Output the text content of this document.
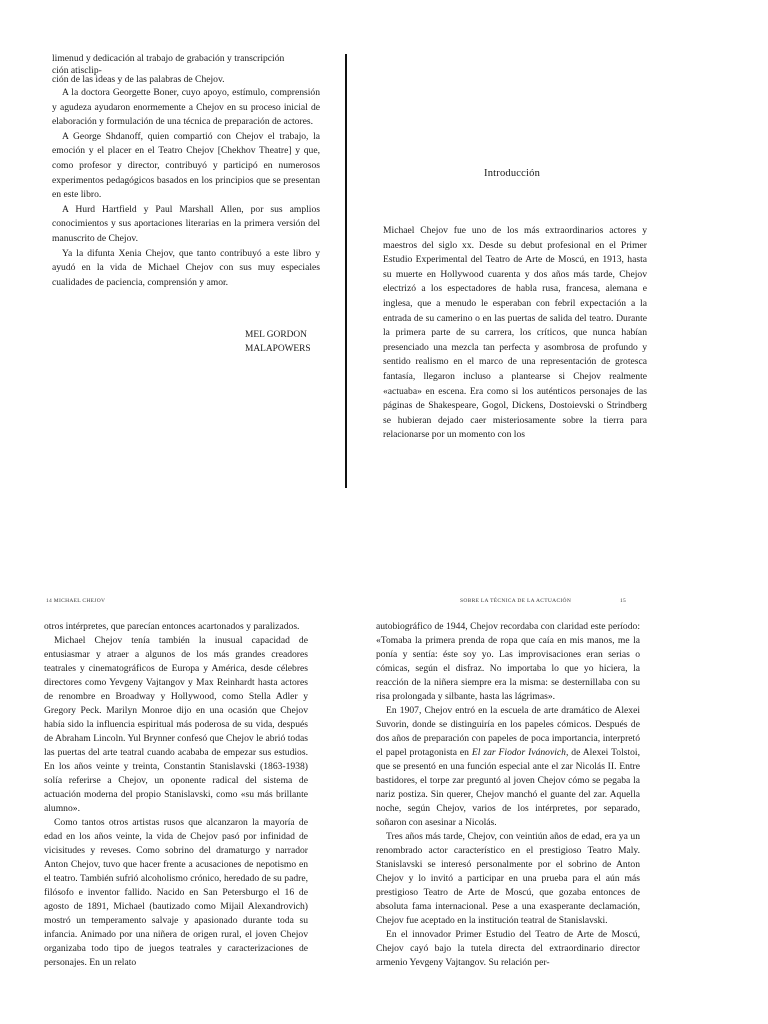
limenud y dedicación al trabajo de grabación y transcripción

ción atisclip-
ción de las ideas y de las palabras de Chejov.

A la doctora Georgette Boner, cuyo apoyo, estímulo, comprensión y agudeza ayudaron enormemente a Chejov en su proceso inicial de elaboración y formulación de una técnica de preparación de actores.

A George Shdanoff, quien compartió con Chejov el trabajo, la emoción y el placer en el Teatro Chejov [Chekhov Theatre] y que, como profesor y director, contribuyó y participó en numerosos experimentos pedagógicos basados en los principios que se presentan en este libro.

A Hurd Hartfield y Paul Marshall Allen, por sus amplios conocimientos y sus aportaciones literarias en la primera versión del manuscrito de Chejov.

Ya la difunta Xenia Chejov, que tanto contribuyó a este libro y ayudó en la vida de Michael Chejov con sus muy especiales cualidades de paciencia, comprensión y amor.

MEL GORDON
MALAPOWERS
Introducción

Michael Chejov fue uno de los más extraordinarios actores y maestros del siglo xx. Desde su debut profesional en el Primer Estudio Experimental del Teatro de Arte de Moscú, en 1913, hasta su muerte en Hollywood cuarenta y dos años más tarde, Chejov electrizó a los espectadores de habla rusa, francesa, alemana e inglesa, que a menudo le esperaban con febril expectación a la entrada de su camerino o en las puertas de salida del teatro. Durante la primera parte de su carrera, los críticos, que nunca habían presenciado una mezcla tan perfecta y asombrosa de profundo y sentido realismo en el marco de una representación de grotesca fantasía, llegaron incluso a plantearse si Chejov realmente «actuaba» en escena. Era como si los auténticos personajes de las páginas de Shakespeare, Gogol, Dickens, Dostoievski o Strindberg se hubieran dejado caer misteriosamente sobre la tierra para relacionarse por un momento con los

14 MICHAEL CHEJOV

otros intérpretes, que parecían entonces acartonados y paralizados.

Michael Chejov tenía también la inusual capacidad de entusiasmar y atraer a algunos de los más grandes creadores teatrales y cinematográficos de Europa y América, desde célebres directores como Yevgeny Vajtangov y Max Reinhardt hasta actores de renombre en Broadway y Hollywood, como Stella Adler y Gregory Peck. Marilyn Monroe dijo en una ocasión que Chejov había sido la influencia espiritual más poderosa de su vida, después de Abraham Lincoln. Yul Brynner confesó que Chejov le abrió todas las puertas del arte teatral cuando acababa de empezar sus estudios. En los años veinte y treinta, Constantin Stanislavski (1863-1938) solía referirse a Chejov, un oponente radical del sistema de actuación moderna del propio Stanislavski, como «su más brillante alumno».

Como tantos otros artistas rusos que alcanzaron la mayoría de edad en los años veinte, la vida de Chejov pasó por infinidad de vicisitudes y reveses. Como sobrino del dramaturgo y narrador Anton Chejov, tuvo que hacer frente a acusaciones de nepotismo en el teatro. También sufrió alcoholismo crónico, heredado de su padre, filósofo e inventor fallido. Nacido en San Petersburgo el 16 de agosto de 1891, Michael (bautizado como Mijail Alexandrovich) mostró un temperamento salvaje y apasionado durante toda su infancia. Animado por una niñera de origen rural, el joven Chejov organizaba todo tipo de juegos teatrales y caracterizaciones de personajes. En un relato

SOBRE LA TÉCNICA DE LA ACTUACIÓN	15

autobiográfico de 1944, Chejov recordaba con claridad este período: «Tomaba la primera prenda de ropa que caía en mis manos, me la ponía y sentía: éste soy yo. Las improvisaciones eran serias o cómicas, según el disfraz. No importaba lo que yo hiciera, la reacción de la niñera siempre era la misma: se desternillaba con su risa prolongada y silbante, hasta las lágrimas».

En 1907, Chejov entró en la escuela de arte dramático de Alexei Suvorin, donde se distinguiría en los papeles cómicos. Después de dos años de preparación con papeles de poca importancia, interpretó el papel protagonista en El zar Fiodor Ivánovich, de Alexei Tolstoi, que se presentó en una función especial ante el zar Nicolás II. Entre bastidores, el torpe zar preguntó al joven Chejov cómo se pegaba la nariz postiza. Sin querer, Chejov manchó el guante del zar. Aquella noche, según Chejov, varios de los intérpretes, por separado, soñaron con asesinar a Nicolás.

Tres años más tarde, Chejov, con veintiún años de edad, era ya un renombrado actor característico en el prestigioso Teatro Maly. Stanislavski se interesó personalmente por el sobrino de Anton Chejov y lo invitó a participar en una prueba para el aún más prestigioso Teatro de Arte de Moscú, que gozaba entonces de absoluta fama internacional. Pese a una exasperante declamación, Chejov fue aceptado en la institución teatral de Stanislavski.

En el innovador Primer Estudio del Teatro de Arte de Moscú, Chejov cayó bajo la tutela directa del extraordinario director armenio Yevgeny Vajtangov. Su relación per-
